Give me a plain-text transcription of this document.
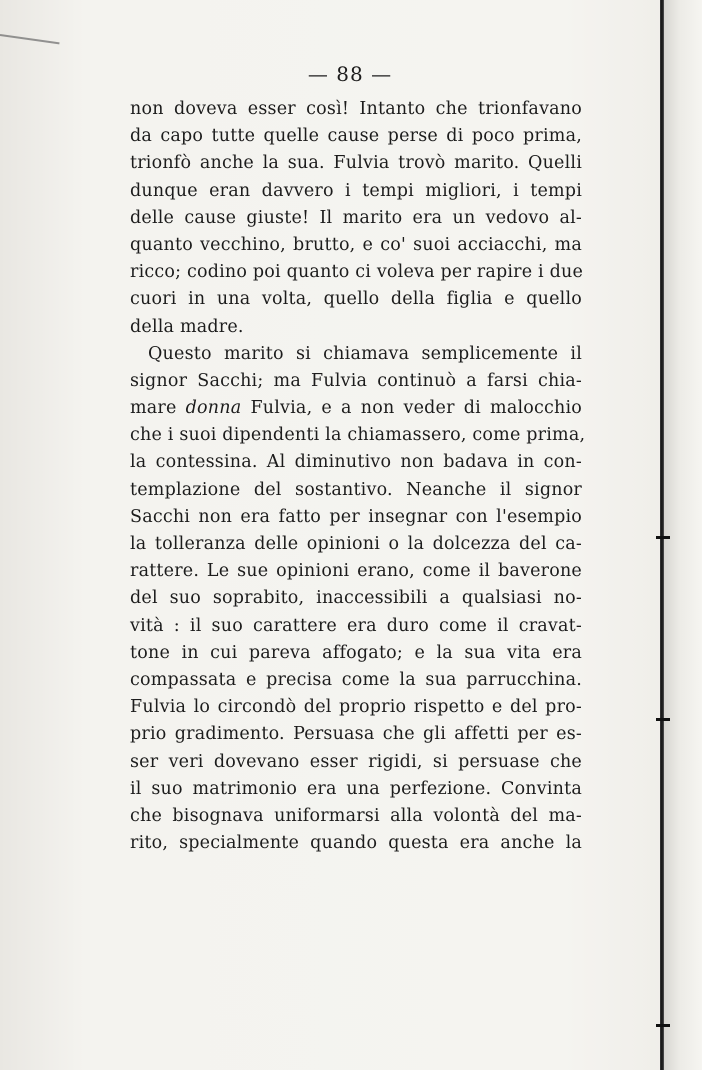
— 88 —
non doveva esser così! Intanto che trionfavano
da capo tutte quelle cause perse di poco prima,
trionfò anche la sua. Fulvia trovò marito. Quelli
dunque eran davvero i tempi migliori, i tempi
delle cause giuste! Il marito era un vedovo al-
quanto vecchino, brutto, e co' suoi acciacchi, ma
ricco; codino poi quanto ci voleva per rapire i due
cuori in una volta, quello della figlia e quello
della madre.
Questo marito si chiamava semplicemente il
signor Sacchi; ma Fulvia continuò a farsi chia-
mare donna Fulvia, e a non veder di malocchio
che i suoi dipendenti la chiamassero, come prima,
la contessina. Al diminutivo non badava in con-
templazione del sostantivo. Neanche il signor
Sacchi non era fatto per insegnar con l'esempio
la tolleranza delle opinioni o la dolcezza del ca-
rattere. Le sue opinioni erano, come il baverone
del suo soprabito, inaccessibili a qualsiasi no-
vità : il suo carattere era duro come il cravat-
tone in cui pareva affogato; e la sua vita era
compassata e precisa come la sua parrucchina.
Fulvia lo circondò del proprio rispetto e del pro-
prio gradimento. Persuasa che gli affetti per es-
ser veri dovevano esser rigidi, si persuase che
il suo matrimonio era una perfezione. Convinta
che bisognava uniformarsi alla volontà del ma-
rito, specialmente quando questa era anche la
